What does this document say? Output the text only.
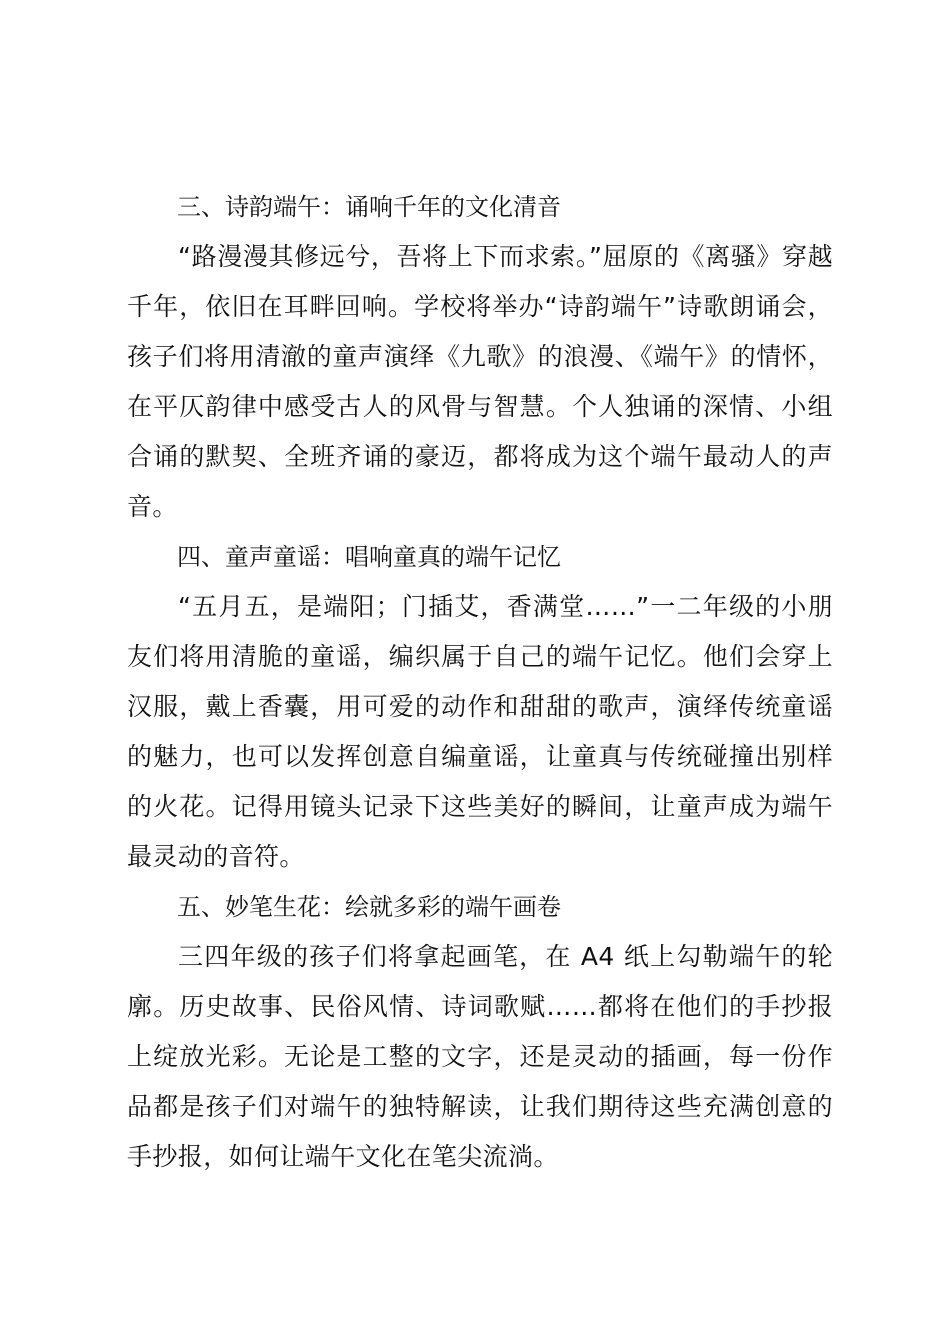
三、诗韵端午：诵响千年的文化清音

“路漫漫其修远兮，吾将上下而求索。”屈原的《离骚》穿越千年，依旧在耳畔回响。学校将举办“诗韵端午”诗歌朗诵会，孩子们将用清澈的童声演绎《九歌》的浪漫、《端午》的情怀，在平仄韵律中感受古人的风骨与智慧。个人独诵的深情、小组合诵的默契、全班齐诵的豪迈，都将成为这个端午最动人的声音。

四、童声童谣：唱响童真的端午记忆

“五月五，是端阳；门插艾，香满堂……”一二年级的小朋友们将用清脆的童谣，编织属于自己的端午记忆。他们会穿上汉服，戴上香囊，用可爱的动作和甜甜的歌声，演绎传统童谣的魅力，也可以发挥创意自编童谣，让童真与传统碰撞出别样的火花。记得用镜头记录下这些美好的瞬间，让童声成为端午最灵动的音符。

五、妙笔生花：绘就多彩的端午画卷

三四年级的孩子们将拿起画笔，在 A4 纸上勾勒端午的轮廓。历史故事、民俗风情、诗词歌赋……都将在他们的手抄报上绽放光彩。无论是工整的文字，还是灵动的插画，每一份作品都是孩子们对端午的独特解读，让我们期待这些充满创意的手抄报，如何让端午文化在笔尖流淌。
